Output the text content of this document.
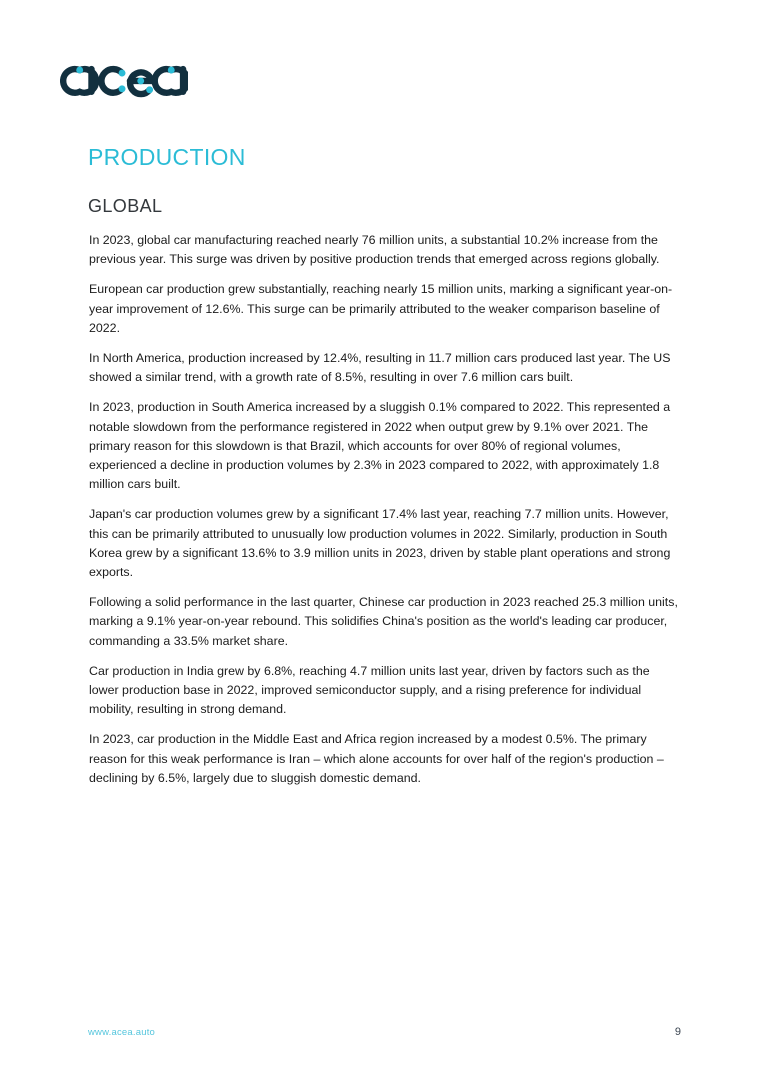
PRODUCTION
GLOBAL

In 2023, global car manufacturing reached nearly 76 million units, a substantial 10.2% increase from the previous year. This surge was driven by positive production trends that emerged across regions globally.

European car production grew substantially, reaching nearly 15 million units, marking a significant year-on-year improvement of 12.6%. This surge can be primarily attributed to the weaker comparison baseline of 2022.

In North America, production increased by 12.4%, resulting in 11.7 million cars produced last year. The US showed a similar trend, with a growth rate of 8.5%, resulting in over 7.6 million cars built.

In 2023, production in South America increased by a sluggish 0.1% compared to 2022. This represented a notable slowdown from the performance registered in 2022 when output grew by 9.1% over 2021. The primary reason for this slowdown is that Brazil, which accounts for over 80% of regional volumes, experienced a decline in production volumes by 2.3% in 2023 compared to 2022, with approximately 1.8 million cars built.

Japan's car production volumes grew by a significant 17.4% last year, reaching 7.7 million units. However, this can be primarily attributed to unusually low production volumes in 2022. Similarly, production in South Korea grew by a significant 13.6% to 3.9 million units in 2023, driven by stable plant operations and strong exports.

Following a solid performance in the last quarter, Chinese car production in 2023 reached 25.3 million units, marking a 9.1% year-on-year rebound. This solidifies China's position as the world's leading car producer, commanding a 33.5% market share.

Car production in India grew by 6.8%, reaching 4.7 million units last year, driven by factors such as the lower production base in 2022, improved semiconductor supply, and a rising preference for individual mobility, resulting in strong demand.

In 2023, car production in the Middle East and Africa region increased by a modest 0.5%. The primary reason for this weak performance is Iran – which alone accounts for over half of the region's production – declining by 6.5%, largely due to sluggish domestic demand.

www.acea.auto	9
